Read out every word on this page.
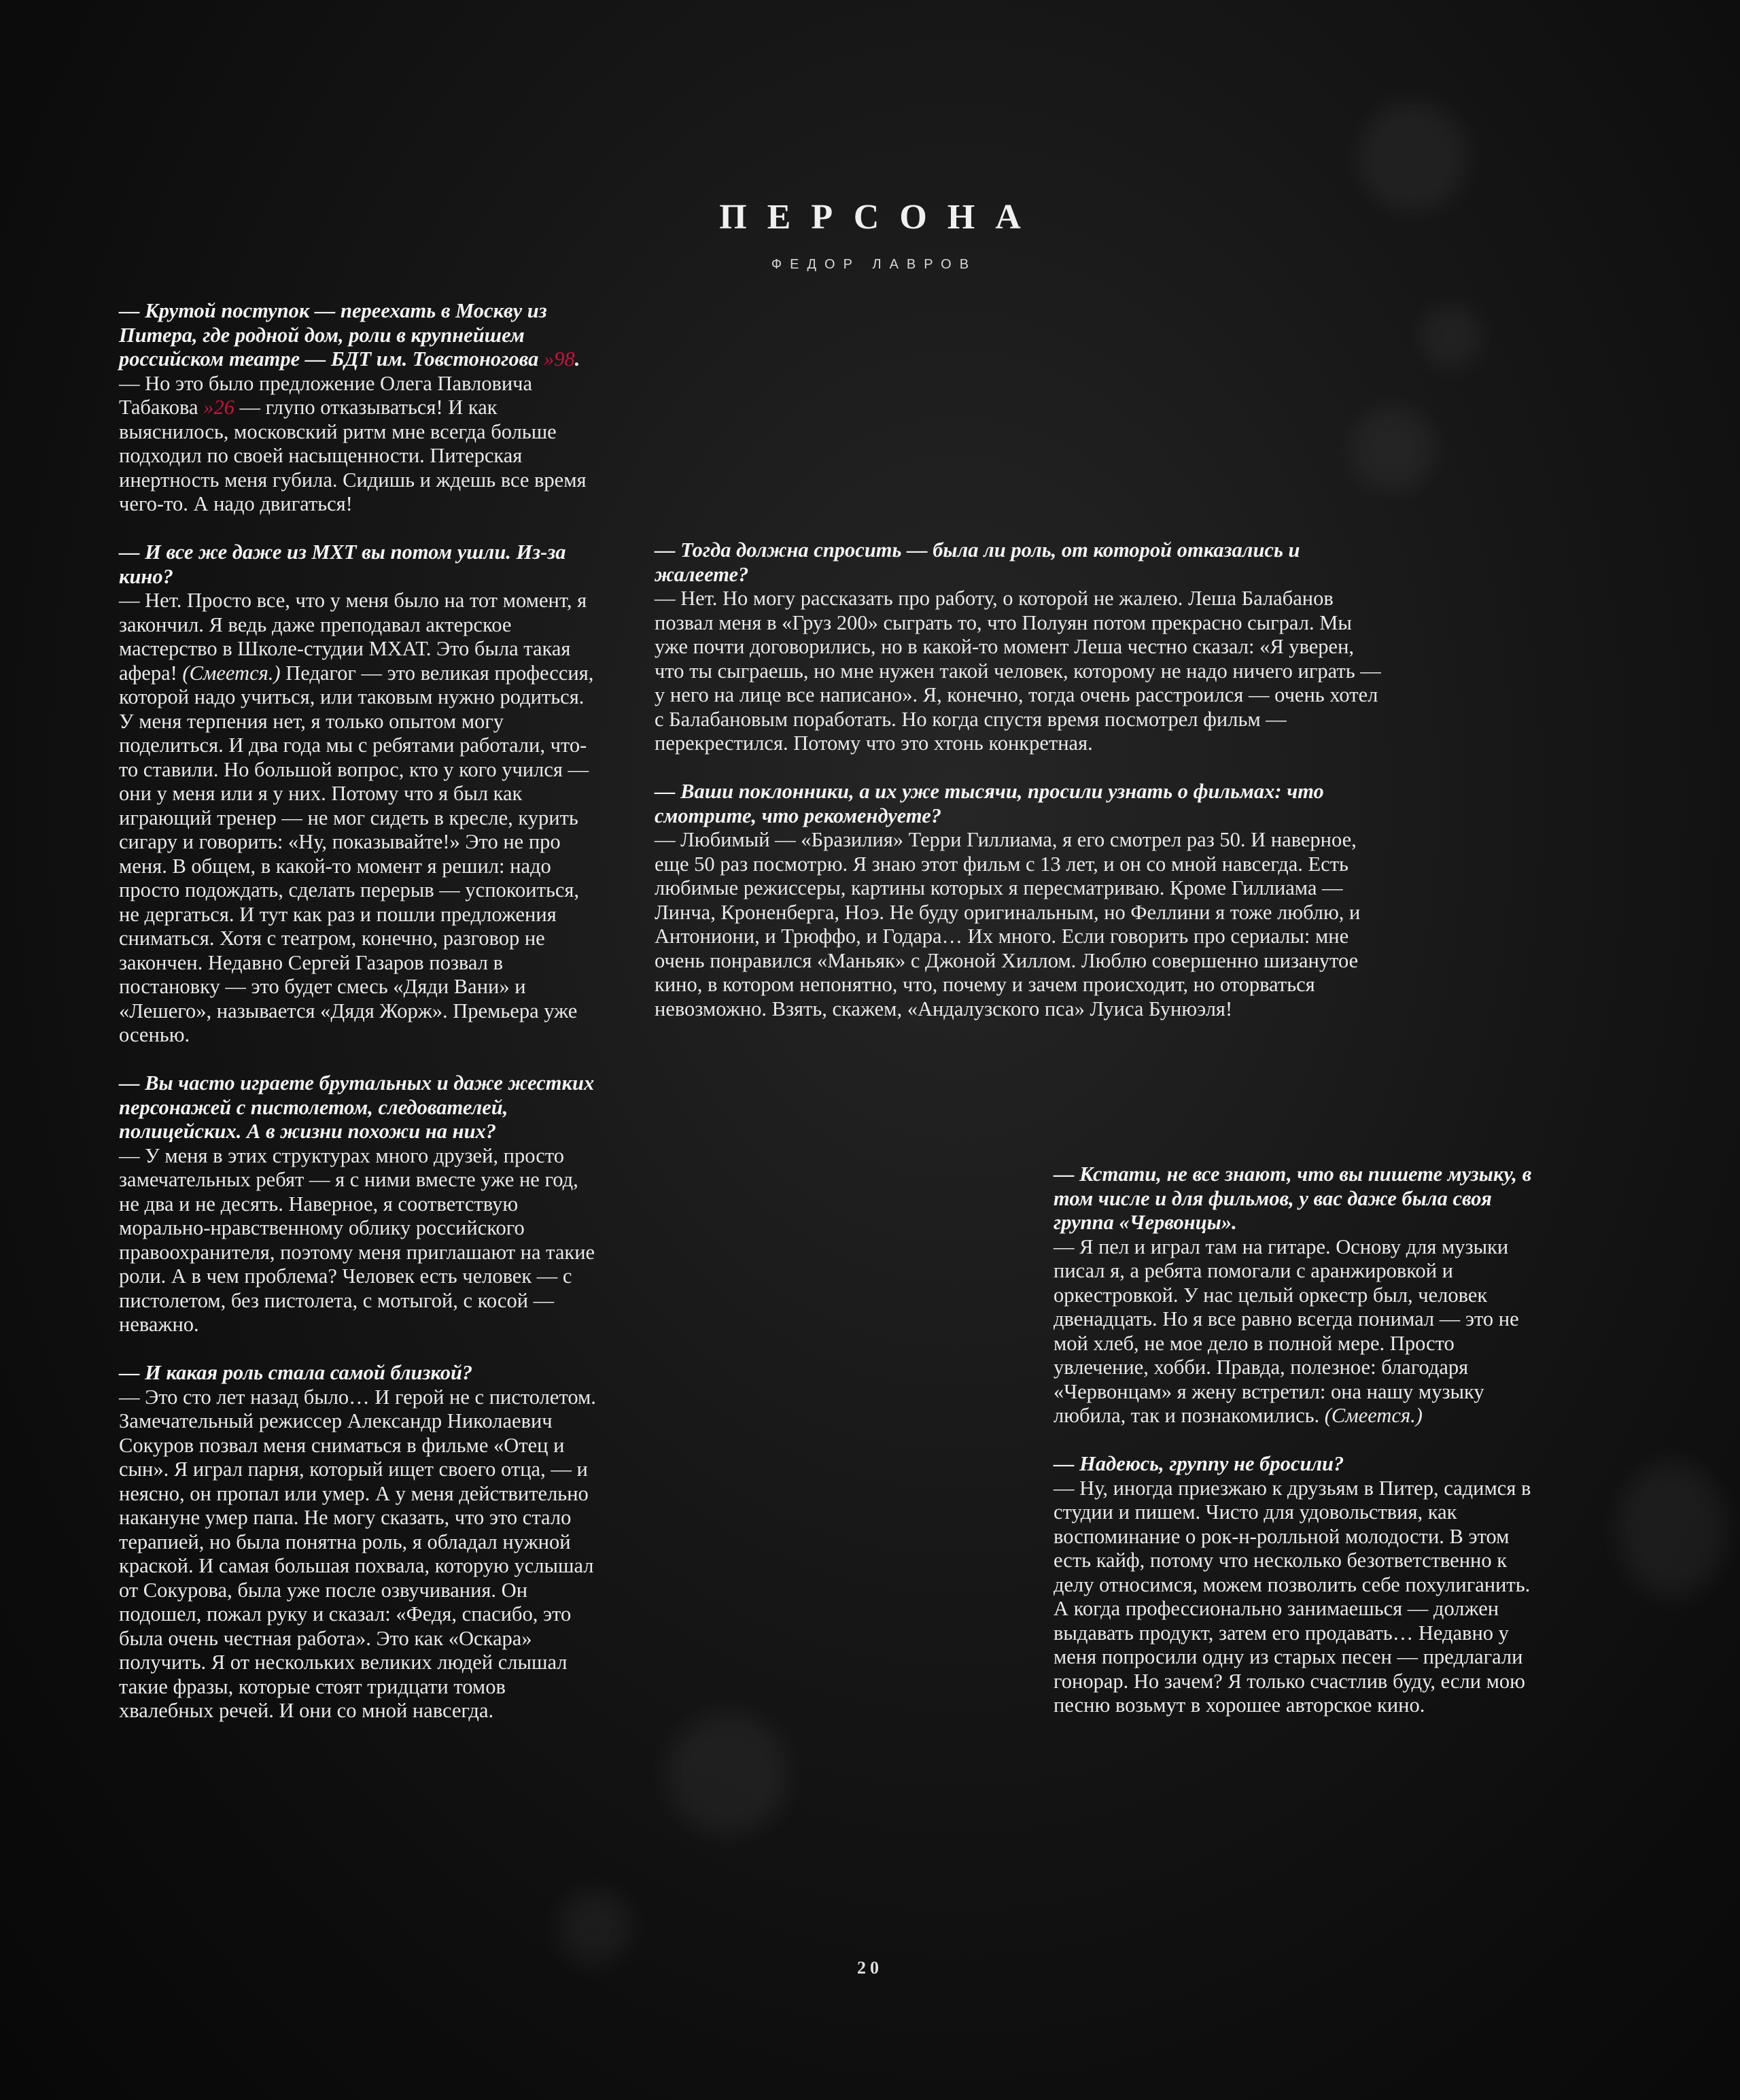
ПЕРСОНА
ФЕДОР ЛАВРОВ
— Крутой поступок — переехать в Москву из Питера, где родной дом, роли в крупнейшем российском театре — БДТ им. Товстоногова »98.
— Но это было предложение Олега Павловича Табакова »26 — глупо отказываться! И как выяснилось, московский ритм мне всегда больше подходил по своей насыщенности. Питерская инертность меня губила. Сидишь и ждешь все время чего-то. А надо двигаться!
— И все же даже из МХТ вы потом ушли. Из-за кино?
— Нет. Просто все, что у меня было на тот момент, я закончил. Я ведь даже преподавал актерское мастерство в Школе-студии МХАТ. Это была такая афера! (Смеется.) Педагог — это великая профессия, которой надо учиться, или таковым нужно родиться. У меня терпения нет, я только опытом могу поделиться. И два года мы с ребятами работали, что-то ставили. Но большой вопрос, кто у кого учился — они у меня или я у них. Потому что я был как играющий тренер — не мог сидеть в кресле, курить сигару и говорить: «Ну, показывайте!» Это не про меня. В общем, в какой-то момент я решил: надо просто подождать, сделать перерыв — успокоиться, не дергаться. И тут как раз и пошли предложения сниматься. Хотя с театром, конечно, разговор не закончен. Недавно Сергей Газаров позвал в постановку — это будет смесь «Дяди Вани» и «Лешего», называется «Дядя Жорж». Премьера уже осенью.
— Вы часто играете брутальных и даже жестких персонажей с пистолетом, следователей, полицейских. А в жизни похожи на них?
— У меня в этих структурах много друзей, просто замечательных ребят — я с ними вместе уже не год, не два и не десять. Наверное, я соответствую морально-нравственному облику российского правоохранителя, поэтому меня приглашают на такие роли. А в чем проблема? Человек есть человек — с пистолетом, без пистолета, с мотыгой, с косой — неважно.
— И какая роль стала самой близкой?
— Это сто лет назад было… И герой не с пистолетом. Замечательный режиссер Александр Николаевич Сокуров позвал меня сниматься в фильме «Отец и сын». Я играл парня, который ищет своего отца, — и неясно, он пропал или умер. А у меня действительно накануне умер папа. Не могу сказать, что это стало терапией, но была понятна роль, я обладал нужной краской. И самая большая похвала, которую услышал от Сокурова, была уже после озвучивания. Он подошел, пожал руку и сказал: «Федя, спасибо, это была очень честная работа». Это как «Оскара» получить. Я от нескольких великих людей слышал такие фразы, которые стоят тридцати томов хвалебных речей. И они со мной навсегда.
— Тогда должна спросить — была ли роль, от которой отказались и жалеете?
— Нет. Но могу рассказать про работу, о которой не жалею. Леша Балабанов позвал меня в «Груз 200» сыграть то, что Полуян потом прекрасно сыграл. Мы уже почти договорились, но в какой-то момент Леша честно сказал: «Я уверен, что ты сыграешь, но мне нужен такой человек, которому не надо ничего играть — у него на лице все написано». Я, конечно, тогда очень расстроился — очень хотел с Балабановым поработать. Но когда спустя время посмотрел фильм — перекрестился. Потому что это хтонь конкретная.
— Ваши поклонники, а их уже тысячи, просили узнать о фильмах: что смотрите, что рекомендуете?
— Любимый — «Бразилия» Терри Гиллиама, я его смотрел раз 50. И наверное, еще 50 раз посмотрю. Я знаю этот фильм с 13 лет, и он со мной навсегда. Есть любимые режиссеры, картины которых я пересматриваю. Кроме Гиллиама — Линча, Кроненберга, Ноэ. Не буду оригинальным, но Феллини я тоже люблю, и Антониони, и Трюффо, и Годара… Их много. Если говорить про сериалы: мне очень понравился «Маньяк» с Джоной Хиллом. Люблю совершенно шизанутое кино, в котором непонятно, что, почему и зачем происходит, но оторваться невозможно. Взять, скажем, «Андалузского пса» Луиса Бунюэля!
— Кстати, не все знают, что вы пишете музыку, в том числе и для фильмов, у вас даже была своя группа «Червонцы».
— Я пел и играл там на гитаре. Основу для музыки писал я, а ребята помогали с аранжировкой и оркестровкой. У нас целый оркестр был, человек двенадцать. Но я все равно всегда понимал — это не мой хлеб, не мое дело в полной мере. Просто увлечение, хобби. Правда, полезное: благодаря «Червонцам» я жену встретил: она нашу музыку любила, так и познакомились. (Смеется.)
— Надеюсь, группу не бросили?
— Ну, иногда приезжаю к друзьям в Питер, садимся в студии и пишем. Чисто для удовольствия, как воспоминание о рок-н-ролльной молодости. В этом есть кайф, потому что несколько безответственно к делу относимся, можем позволить себе похулиганить. А когда профессионально занимаешься — должен выдавать продукт, затем его продавать… Недавно у меня попросили одну из старых песен — предлагали гонорар. Но зачем? Я только счастлив буду, если мою песню возьмут в хорошее авторское кино.
20
